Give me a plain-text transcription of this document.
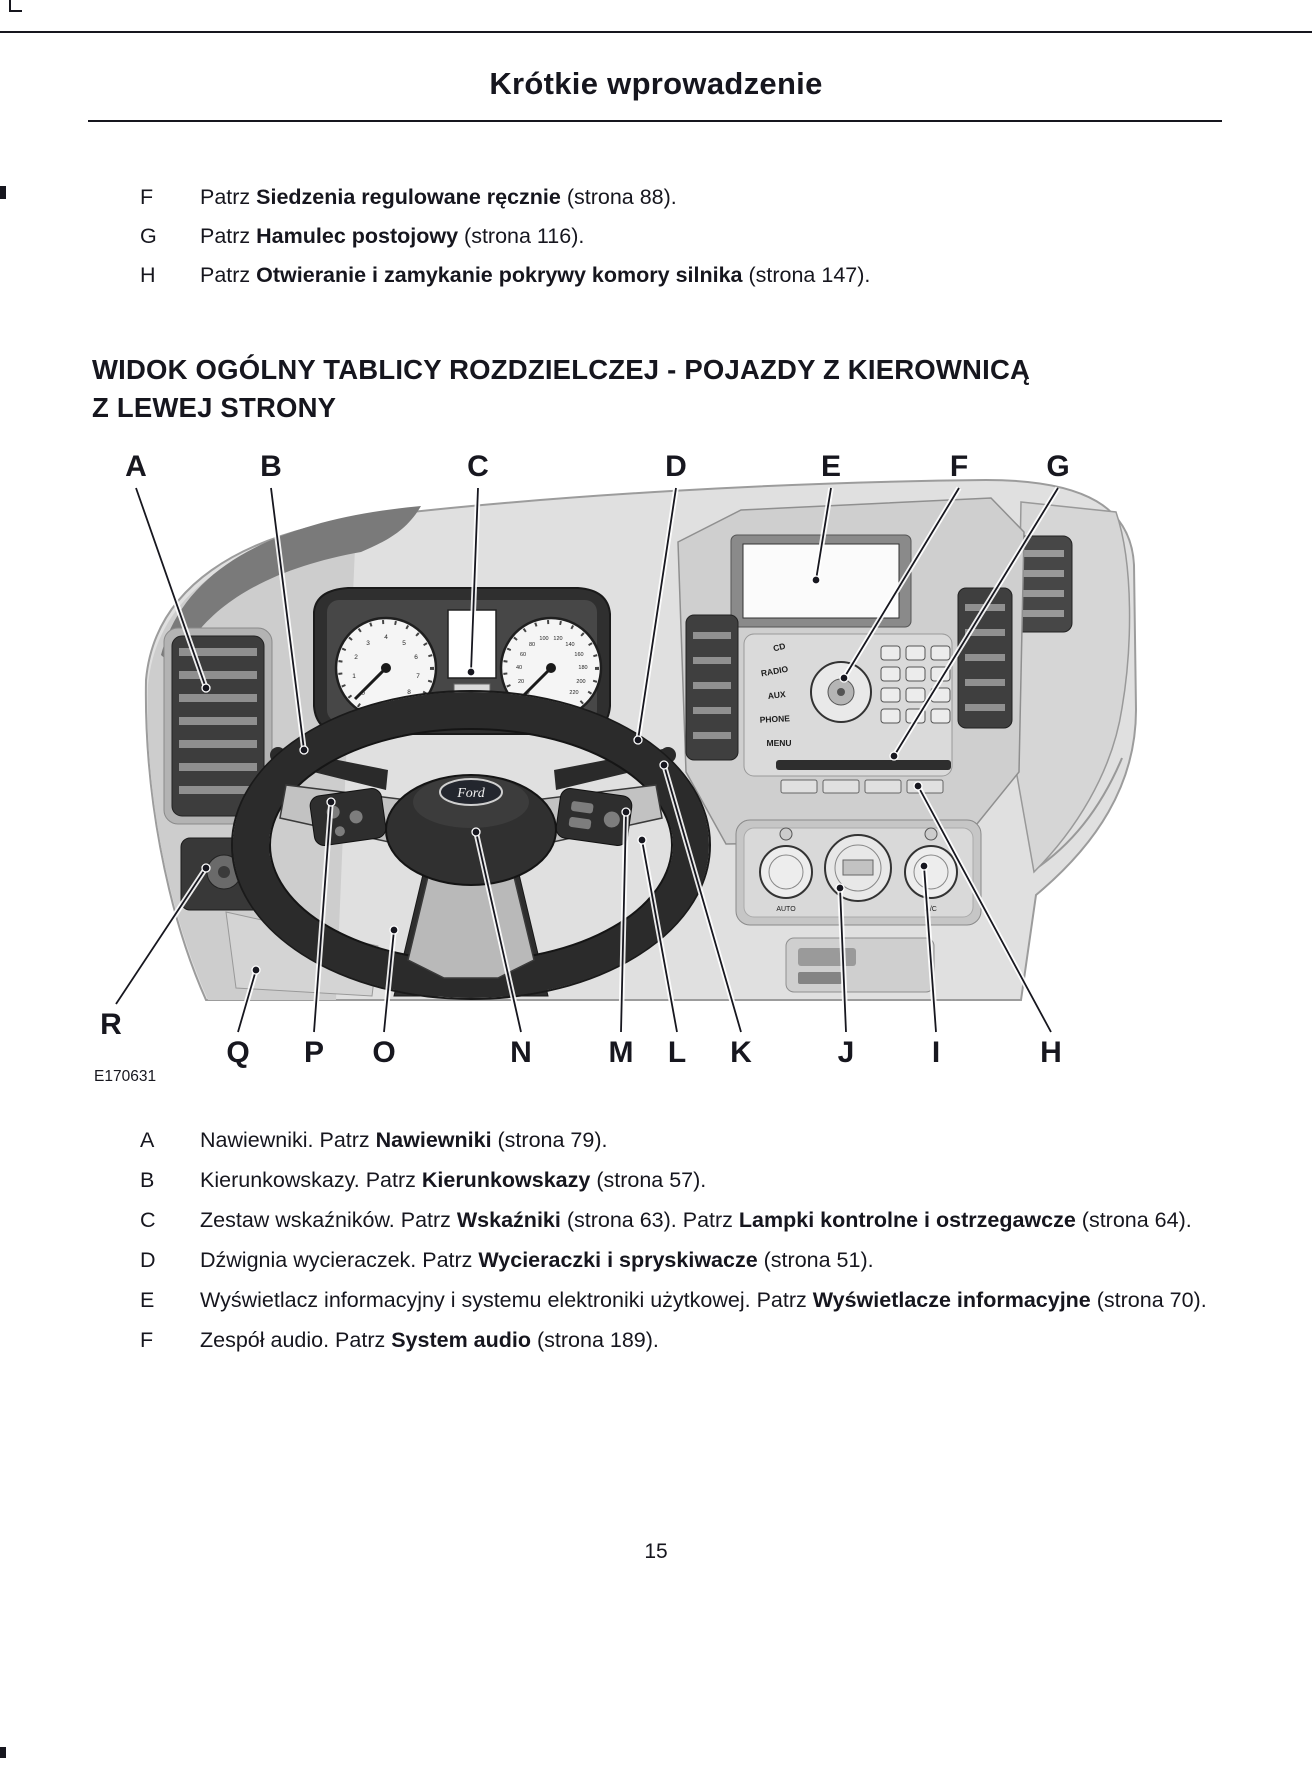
Krótkie wprowadzenie
F	Patrz Siedzenia regulowane ręcznie (strona 88).

G	Patrz Hamulec postojowy (strona 116).

H	Patrz Otwieranie i zamykanie pokrywy komory silnika (strona 147).

WIDOK OGÓLNY TABLICY ROZDZIELCZEJ - POJAZDY Z KIEROWNICĄ Z LEWEJ STRONY
CD
RADIO
AUX
PHONE
MENU
AUTO	A/C
0
1
2
3
4
5
6
7
8	0
20
40
60
80
100 120
140
160
180
200
220
Ford
A	B	C	D	E	F	G
R
Q P O	N	M L K	J	I	H
E170631
A	Nawiewniki. Patrz Nawiewniki (strona 79).

B	Kierunkowskazy. Patrz Kierunkowskazy (strona 57).

C	Zestaw wskaźników. Patrz Wskaźniki (strona 63). Patrz Lampki kontrolne i ostrzegawcze (strona 64).

D	Dźwignia wycieraczek. Patrz Wycieraczki i spryskiwacze (strona 51).

E	Wyświetlacz informacyjny i systemu elektroniki użytkowej. Patrz Wyświetlacze informacyjne (strona 70).

F	Zespół audio. Patrz System audio (strona 189).

15
